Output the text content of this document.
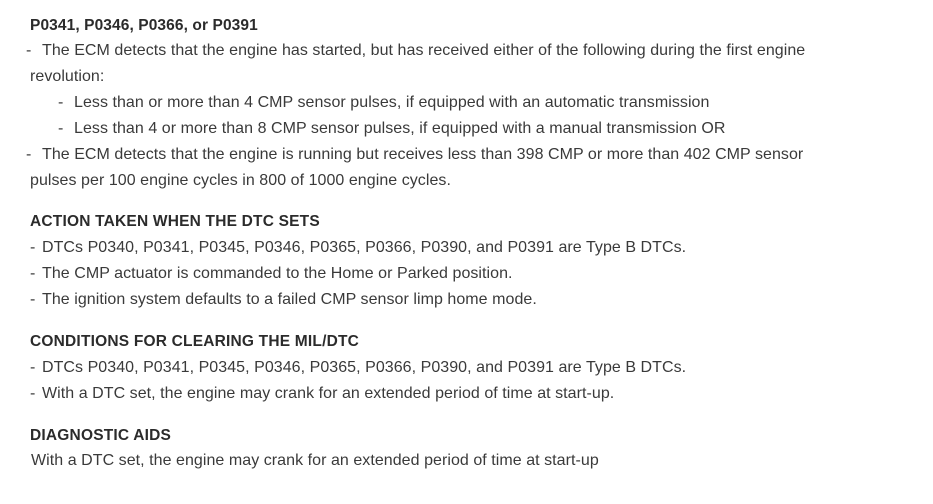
P0341, P0346, P0366, or P0391
- The ECM detects that the engine has started, but has received either of the following during the first engine revolution:
- Less than or more than 4 CMP sensor pulses, if equipped with an automatic transmission
- Less than 4 or more than 8 CMP sensor pulses, if equipped with a manual transmission OR
- The ECM detects that the engine is running but receives less than 398 CMP or more than 402 CMP sensor pulses per 100 engine cycles in 800 of 1000 engine cycles.
ACTION TAKEN WHEN THE DTC SETS
- DTCs P0340, P0341, P0345, P0346, P0365, P0366, P0390, and P0391 are Type B DTCs.
- The CMP actuator is commanded to the Home or Parked position.
- The ignition system defaults to a failed CMP sensor limp home mode.
CONDITIONS FOR CLEARING THE MIL/DTC
- DTCs P0340, P0341, P0345, P0346, P0365, P0366, P0390, and P0391 are Type B DTCs.
- With a DTC set, the engine may crank for an extended period of time at start-up.
DIAGNOSTIC AIDS
With a DTC set, the engine may crank for an extended period of time at start-up
